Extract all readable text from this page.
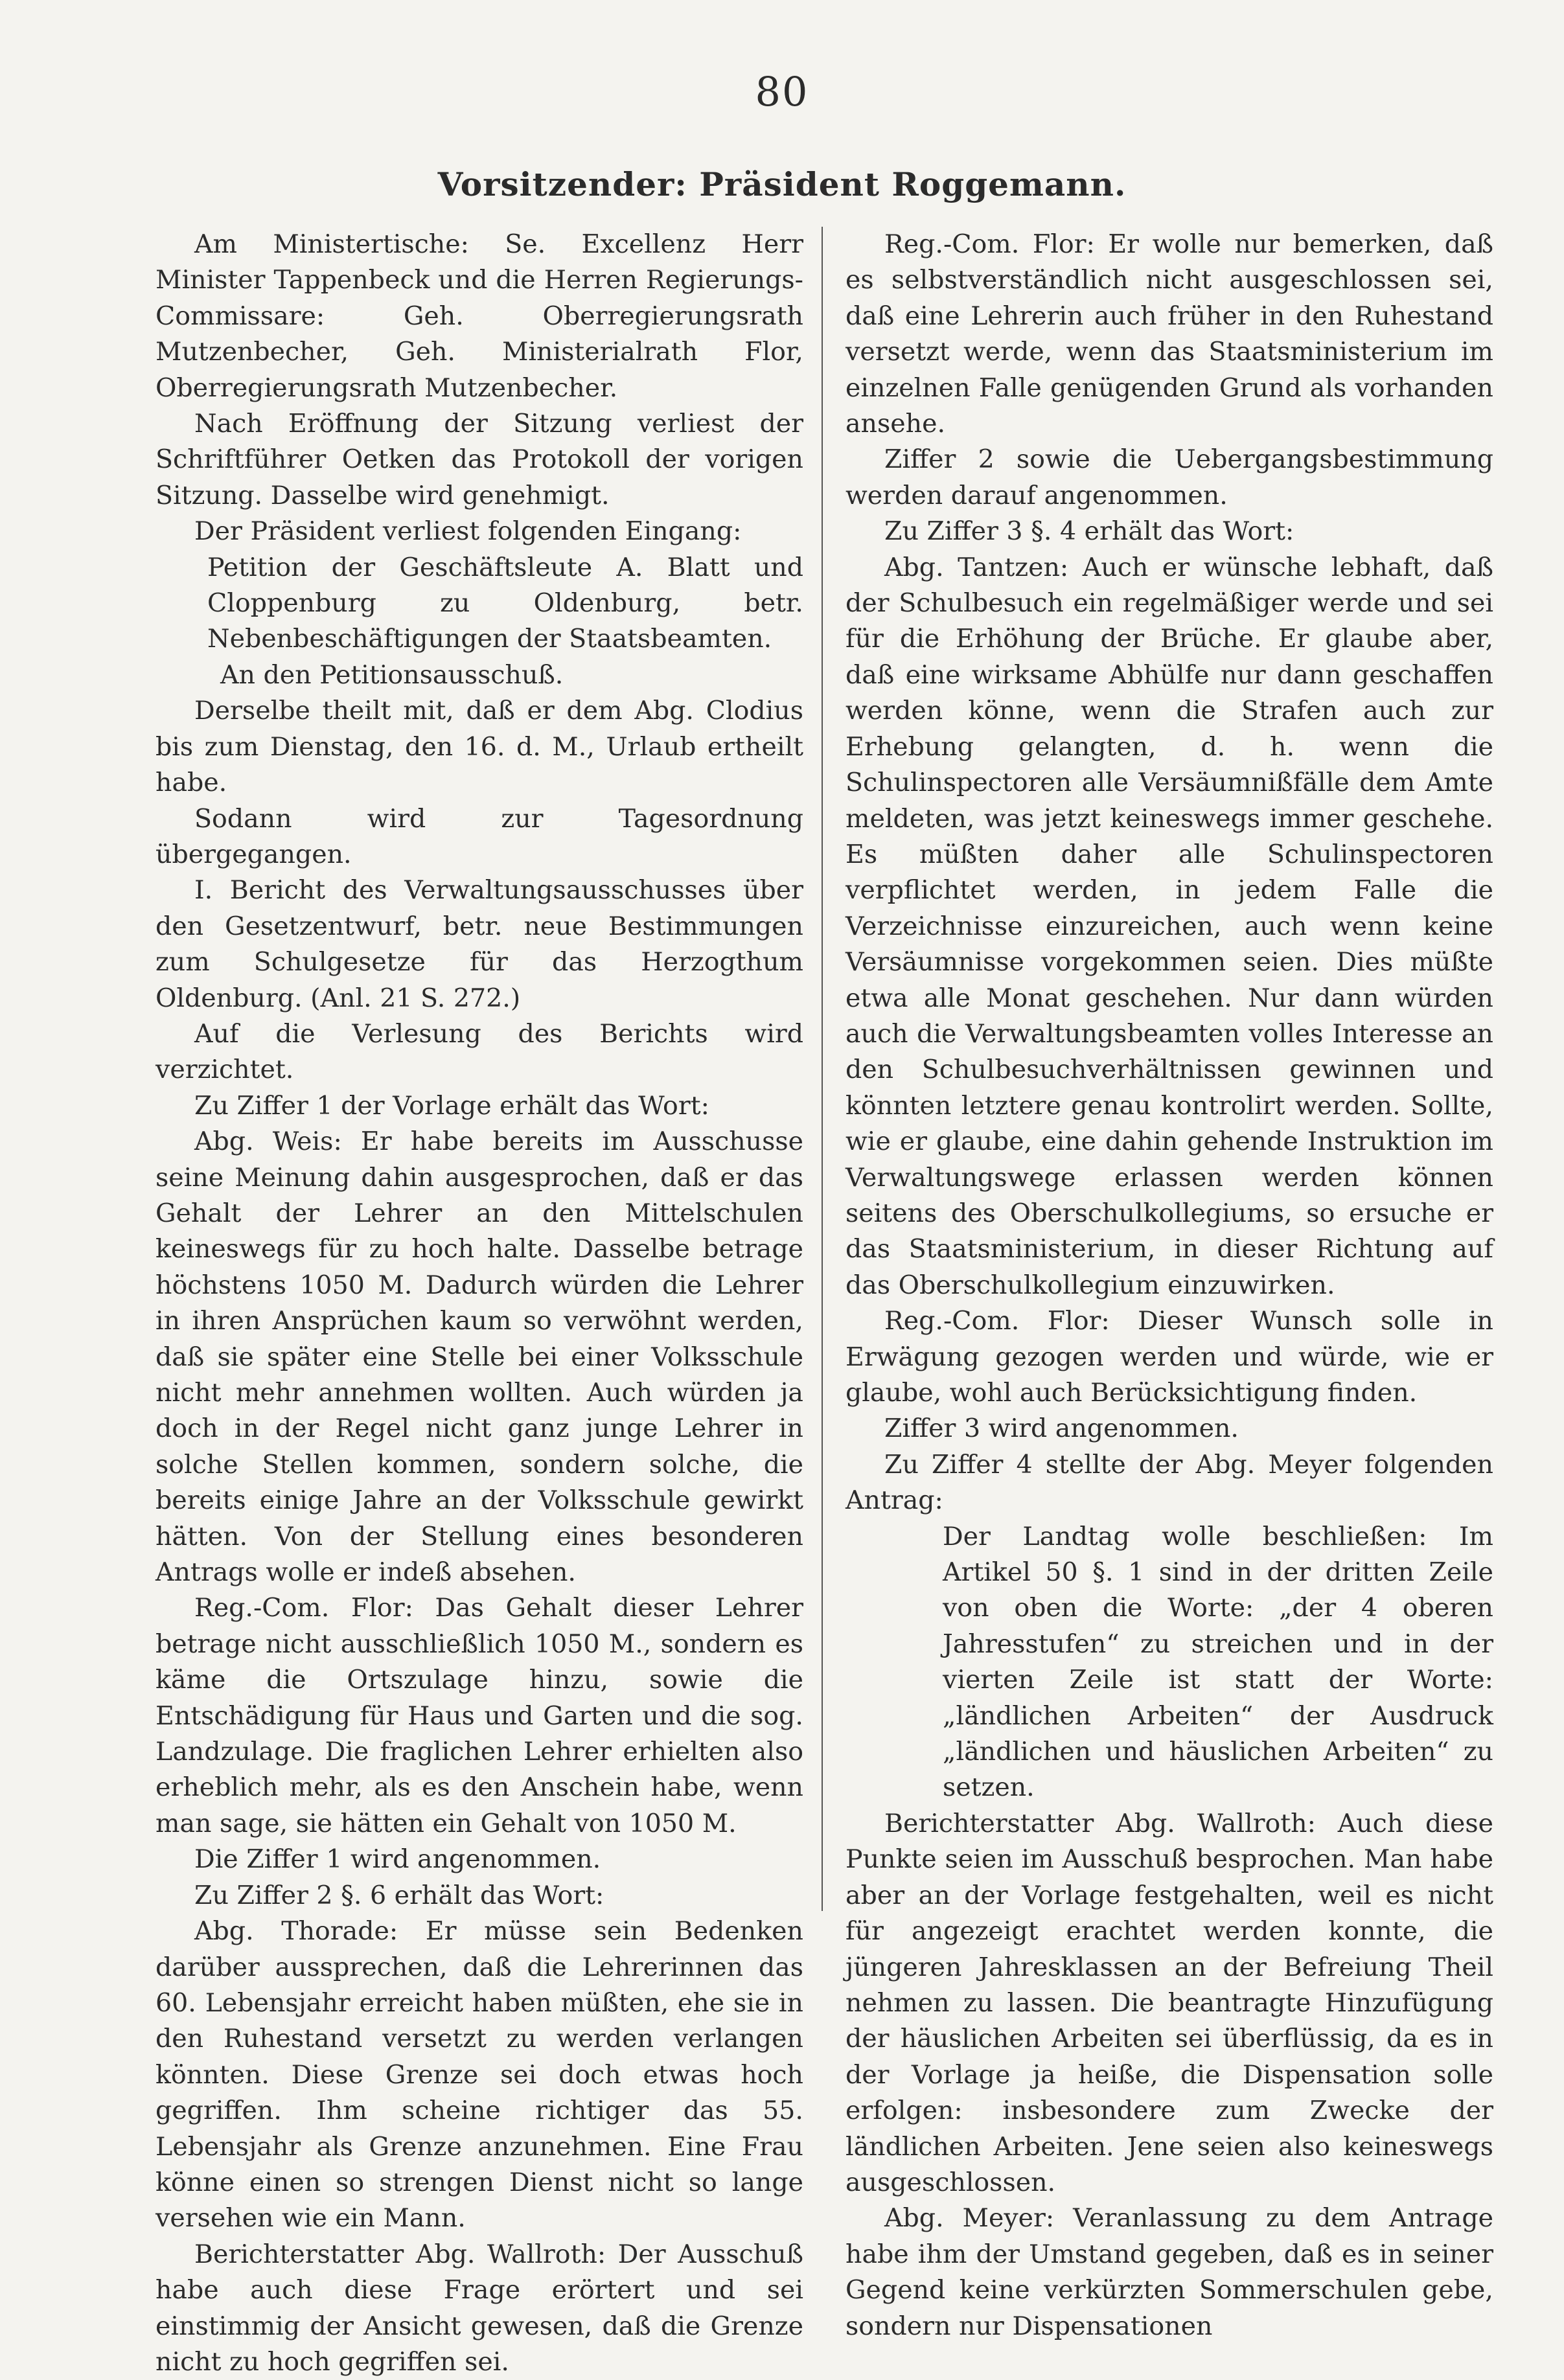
80
Vorsitzender: Präsident Roggemann.

Am Ministertische: Se. Excellenz Herr Minister Tappenbeck und die Herren Regierungs-Commissare: Geh. Oberregierungsrath Mutzenbecher, Geh. Ministerialrath Flor, Oberregierungsrath Mutzenbecher.

Nach Eröffnung der Sitzung verliest der Schriftführer Oetken das Protokoll der vorigen Sitzung. Dasselbe wird genehmigt.

Der Präsident verliest folgenden Eingang:

Petition der Geschäftsleute A. Blatt und Cloppenburg zu Oldenburg, betr. Nebenbeschäftigungen der Staatsbeamten.

An den Petitionsausschuß.

Derselbe theilt mit, daß er dem Abg. Clodius bis zum Dienstag, den 16. d. M., Urlaub ertheilt habe.

Sodann wird zur Tagesordnung übergegangen.

I. Bericht des Verwaltungsausschusses über den Gesetzentwurf, betr. neue Bestimmungen zum Schulgesetze für das Herzogthum Oldenburg. (Anl. 21 S. 272.)

Auf die Verlesung des Berichts wird verzichtet.

Zu Ziffer 1 der Vorlage erhält das Wort:

Abg. Weis: Er habe bereits im Ausschusse seine Meinung dahin ausgesprochen, daß er das Gehalt der Lehrer an den Mittelschulen keineswegs für zu hoch halte. Dasselbe betrage höchstens 1050 M. Dadurch würden die Lehrer in ihren Ansprüchen kaum so verwöhnt werden, daß sie später eine Stelle bei einer Volksschule nicht mehr annehmen wollten. Auch würden ja doch in der Regel nicht ganz junge Lehrer in solche Stellen kommen, sondern solche, die bereits einige Jahre an der Volksschule gewirkt hätten. Von der Stellung eines besonderen Antrags wolle er indeß absehen.

Reg.-Com. Flor: Das Gehalt dieser Lehrer betrage nicht ausschließlich 1050 M., sondern es käme die Ortszulage hinzu, sowie die Entschädigung für Haus und Garten und die sog. Landzulage. Die fraglichen Lehrer erhielten also erheblich mehr, als es den Anschein habe, wenn man sage, sie hätten ein Gehalt von 1050 M.

Die Ziffer 1 wird angenommen.

Zu Ziffer 2 §. 6 erhält das Wort:

Abg. Thorade: Er müsse sein Bedenken darüber aussprechen, daß die Lehrerinnen das 60. Lebensjahr erreicht haben müßten, ehe sie in den Ruhestand versetzt zu werden verlangen könnten. Diese Grenze sei doch etwas hoch gegriffen. Ihm scheine richtiger das 55. Lebensjahr als Grenze anzunehmen. Eine Frau könne einen so strengen Dienst nicht so lange versehen wie ein Mann.

Berichterstatter Abg. Wallroth: Der Ausschuß habe auch diese Frage erörtert und sei einstimmig der Ansicht gewesen, daß die Grenze nicht zu hoch gegriffen sei.

Reg.-Com. Flor: Er wolle nur bemerken, daß es selbstverständlich nicht ausgeschlossen sei, daß eine Lehrerin auch früher in den Ruhestand versetzt werde, wenn das Staatsministerium im einzelnen Falle genügenden Grund als vorhanden ansehe.

Ziffer 2 sowie die Uebergangsbestimmung werden darauf angenommen.

Zu Ziffer 3 §. 4 erhält das Wort:

Abg. Tantzen: Auch er wünsche lebhaft, daß der Schulbesuch ein regelmäßiger werde und sei für die Erhöhung der Brüche. Er glaube aber, daß eine wirksame Abhülfe nur dann geschaffen werden könne, wenn die Strafen auch zur Erhebung gelangten, d. h. wenn die Schulinspectoren alle Versäumnißfälle dem Amte meldeten, was jetzt keineswegs immer geschehe. Es müßten daher alle Schulinspectoren verpflichtet werden, in jedem Falle die Verzeichnisse einzureichen, auch wenn keine Versäumnisse vorgekommen seien. Dies müßte etwa alle Monat geschehen. Nur dann würden auch die Verwaltungsbeamten volles Interesse an den Schulbesuchverhältnissen gewinnen und könnten letztere genau kontrolirt werden. Sollte, wie er glaube, eine dahin gehende Instruktion im Verwaltungswege erlassen werden können seitens des Oberschulkollegiums, so ersuche er das Staatsministerium, in dieser Richtung auf das Oberschulkollegium einzuwirken.

Reg.-Com. Flor: Dieser Wunsch solle in Erwägung gezogen werden und würde, wie er glaube, wohl auch Berücksichtigung finden.

Ziffer 3 wird angenommen.

Zu Ziffer 4 stellte der Abg. Meyer folgenden Antrag:

Der Landtag wolle beschließen: Im Artikel 50 §. 1 sind in der dritten Zeile von oben die Worte: „der 4 oberen Jahresstufen“ zu streichen und in der vierten Zeile ist statt der Worte: „ländlichen Arbeiten“ der Ausdruck „ländlichen und häuslichen Arbeiten“ zu setzen.

Berichterstatter Abg. Wallroth: Auch diese Punkte seien im Ausschuß besprochen. Man habe aber an der Vorlage festgehalten, weil es nicht für angezeigt erachtet werden konnte, die jüngeren Jahresklassen an der Befreiung Theil nehmen zu lassen. Die beantragte Hinzufügung der häuslichen Arbeiten sei überflüssig, da es in der Vorlage ja heiße, die Dispensation solle erfolgen: insbesondere zum Zwecke der ländlichen Arbeiten. Jene seien also keineswegs ausgeschlossen.

Abg. Meyer: Veranlassung zu dem Antrage habe ihm der Umstand gegeben, daß es in seiner Gegend keine verkürzten Sommerschulen gebe, sondern nur Dispensationen
